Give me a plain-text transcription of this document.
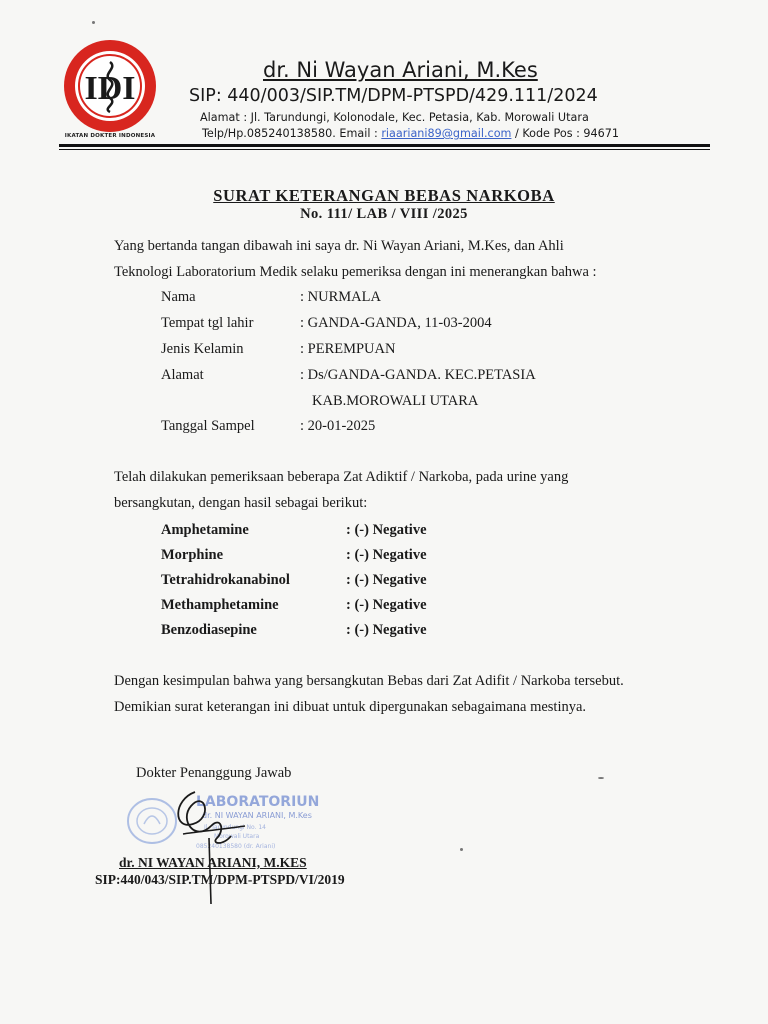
IDI
IKATAN DOKTER INDONESIA
dr. Ni Wayan Ariani, M.Kes
SIP: 440/003/SIP.TM/DPM-PTSPD/429.111/2024
Alamat : Jl. Tarundungi, Kolonodale, Kec. Petasia, Kab. Morowali Utara
Telp/Hp.085240138580. Email : riaariani89@gmail.com / Kode Pos : 94671
SURAT KETERANGAN BEBAS NARKOBA
No. 111/ LAB / VIII /2025
Yang bertanda tangan dibawah ini saya dr. Ni Wayan Ariani, M.Kes, dan Ahli
Teknologi Laboratorium Medik selaku pemeriksa dengan ini menerangkan bahwa :
Nama	: NURMALA
Tempat tgl lahir	: GANDA-GANDA, 11-03-2004
Jenis Kelamin	: PEREMPUAN
Alamat	: Ds/GANDA-GANDA. KEC.PETASIA
KAB.MOROWALI UTARA
Tanggal Sampel	: 20-01-2025
Telah dilakukan pemeriksaan beberapa Zat Adiktif / Narkoba, pada urine yang
bersangkutan, dengan hasil sebagai berikut:
Amphetamine	: (-) Negative
Morphine	: (-) Negative
Tetrahidrokanabinol	: (-) Negative
Methamphetamine	: (-) Negative
Benzodiasepine	: (-) Negative
Dengan kesimpulan bahwa yang bersangkutan Bebas dari Zat Adifit / Narkoba tersebut.
Demikian surat keterangan ini dibuat untuk dipergunakan sebagaimana mestinya.
Dokter Penanggung Jawab
LABORATORIUN
dr. NI WAYAN ARIANI, M.Kes
Jl. Tarundungi No. 14
Morowali Utara
085240138580 (dr. Ariani)
dr. NI WAYAN ARIANI, M.KES
SIP:440/043/SIP.TM/DPM-PTSPD/VI/2019
